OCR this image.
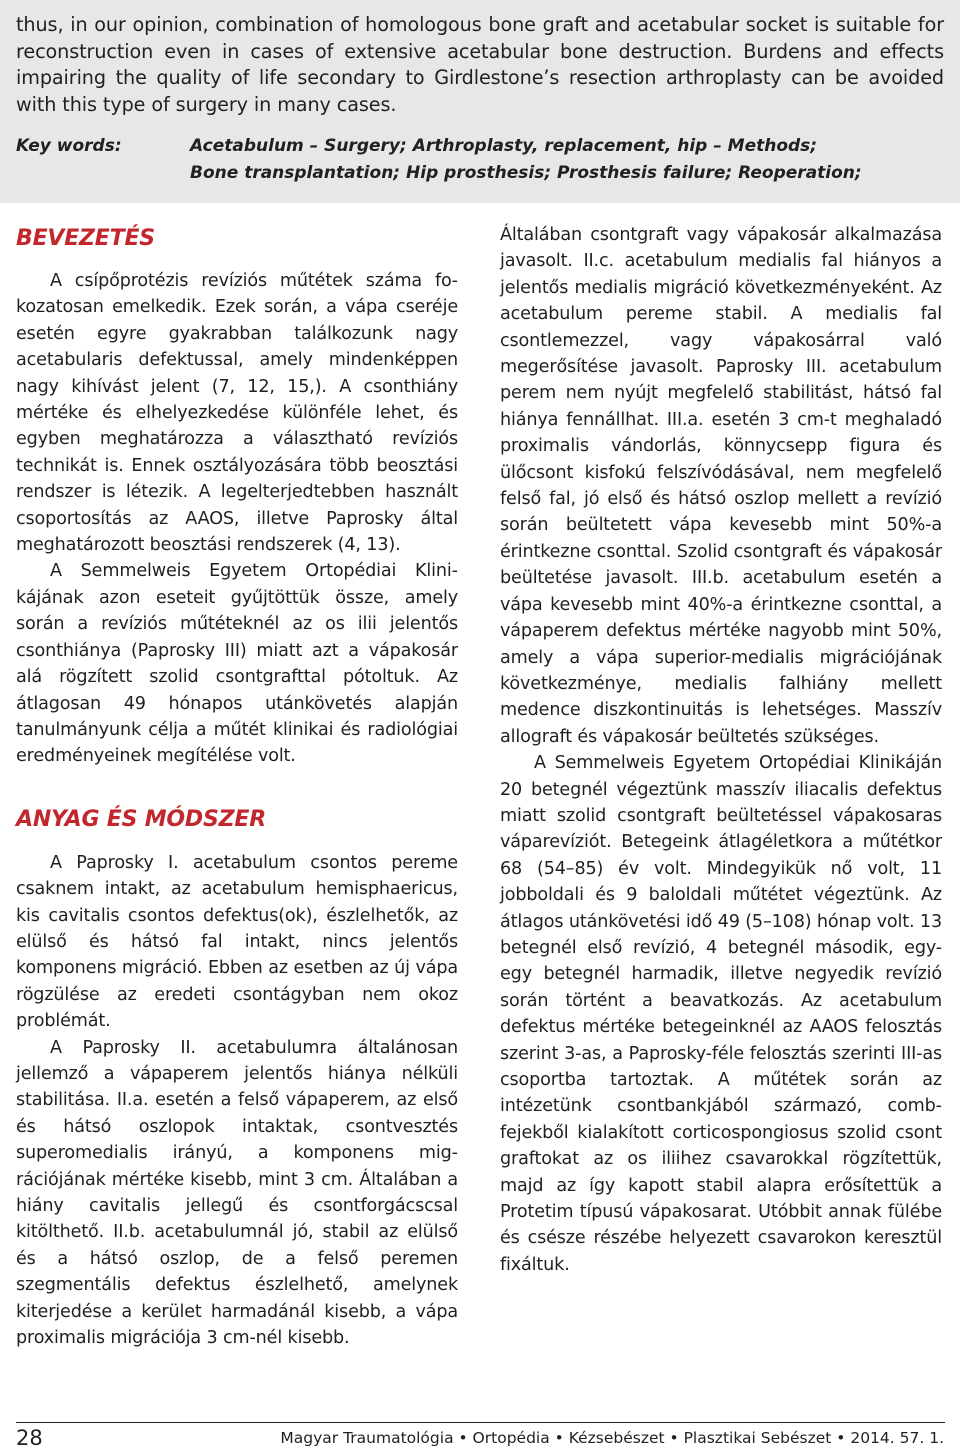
thus, in our opinion, combination of homologous bone graft and acetabular socket is suitable for reconstruction even in cases of extensive acetabular bone destruction. Burdens and effects impairing the quality of life secondary to Girdlestone’s resection arthroplasty can be avoided with this type of surgery in many cases.

Key words:	Acetabulum – Surgery; Arthroplasty, replacement, hip – Methods;
Bone transplantation; Hip prosthesis; Prosthesis failure; Reoperation;
BEVEZETÉS

A csípőprotézis revíziós műtétek száma fokozatosan emelkedik. Ezek során, a vápa cseréje esetén egyre gyakrabban találkozunk nagy acetabularis defektussal, amely mindenképpen nagy kihívást jelent (7, 12, 15,). A csonthiány mértéke és elhelyezkedése különféle lehet, és egyben meghatározza a választható revíziós technikát is. Ennek osztályozására több beosztási rendszer is létezik. A legelterjedtebben használt csoportosítás az AAOS, illetve Paprosky által meghatározott beosztási rendszerek (4, 13).

A Semmelweis Egyetem Ortopédiai Klinikájának azon eseteit gyűjtöttük össze, amely során a revíziós műtéteknél az os ilii jelentős csonthiánya (Paprosky III) miatt azt a vápakosár alá rögzített szolid csontgrafttal pótoltuk. Az átlagosan 49 hónapos utánkövetés alapján tanulmányunk célja a műtét klinikai és radiológiai eredményeinek megítélése volt.

ANYAG ÉS MÓDSZER

A Paprosky I. acetabulum csontos pereme csaknem intakt, az acetabulum hemisphaericus, kis cavitalis csontos defektus(ok), észlelhetők, az elülső és hátsó fal intakt, nincs jelentős komponens migráció. Ebben az esetben az új vápa rögzülése az eredeti csontágyban nem okoz problémát.

A Paprosky II. acetabulumra általánosan jellemző a vápaperem jelentős hiánya nélküli stabilitása. II.a. esetén a felső vápaperem, az első és hátsó oszlopok intaktak, csontvesztés superomedialis irányú, a komponens migrációjának mértéke kisebb, mint 3 cm. Általában a hiány cavitalis jellegű és csontforgácscsal kitölthető. II.b. acetabulumnál jó, stabil az elülső és a hátsó oszlop, de a felső peremen szegmentális defektus észlelhető, amelynek kiterjedése a kerület harmadánál kisebb, a vápa proximalis migrációja 3 cm-nél kisebb.

Általában csontgraft vagy vápakosár alkalmazása javasolt. II.c. acetabulum medialis fal hiányos a jelentős medialis migráció következményeként. Az acetabulum pereme stabil. A medialis fal csontlemezzel, vagy vápakosárral való megerősítése javasolt. Paprosky III. acetabulum perem nem nyújt megfelelő stabilitást, hátsó fal hiánya fennállhat. III.a. esetén 3 cm-t meghaladó proximalis vándorlás, könnycsepp figura és ülőcsont kisfokú felszívódásával, nem megfelelő felső fal, jó első és hátsó oszlop mellett a revízió során beültetett vápa kevesebb mint 50%-a érintkezne csonttal. Szolid csontgraft és vápakosár beültetése javasolt. III.b. acetabulum esetén a vápa kevesebb mint 40%-a érintkezne csonttal, a vápaperem defektus mértéke nagyobb mint 50%, amely a vápa superior-medialis migrációjának következménye, medialis falhiány mellett medence diszkontinuitás is lehetséges. Masszív allograft és vápakosár beültetés szükséges.

A Semmelweis Egyetem Ortopédiai Klinikáján 20 betegnél végeztünk masszív iliacalis defektus miatt szolid csontgraft beültetéssel vápakosaras váparevíziót. Betegeink átlagéletkora a műtétkor 68 (54–85) év volt. Mindegyikük nő volt, 11 jobboldali és 9 baloldali műtétet végeztünk. Az átlagos utánkövetési idő 49 (5–108) hónap volt. 13 betegnél első revízió, 4 betegnél második, egy-egy betegnél harmadik, illetve negyedik revízió során történt a beavatkozás. Az acetabulum defektus mértéke betegeinknél az AAOS felosztás szerint 3-as, a Paprosky-féle felosztás szerinti III-as csoportba tartoztak. A műtétek során az intézetünk csontbankjából származó, combfejekből kialakított corticospongiosus szolid csont graftokat az os iliihez csavarokkal rögzítettük, majd az így kapott stabil alapra erősítettük a Protetim típusú vápakosarat. Utóbbit annak fülébe és csésze részébe helyezett csavarokon keresztül fixáltuk.

28	Magyar Traumatológia • Ortopédia • Kézsebészet • Plasztikai Sebészet • 2014. 57. 1.
